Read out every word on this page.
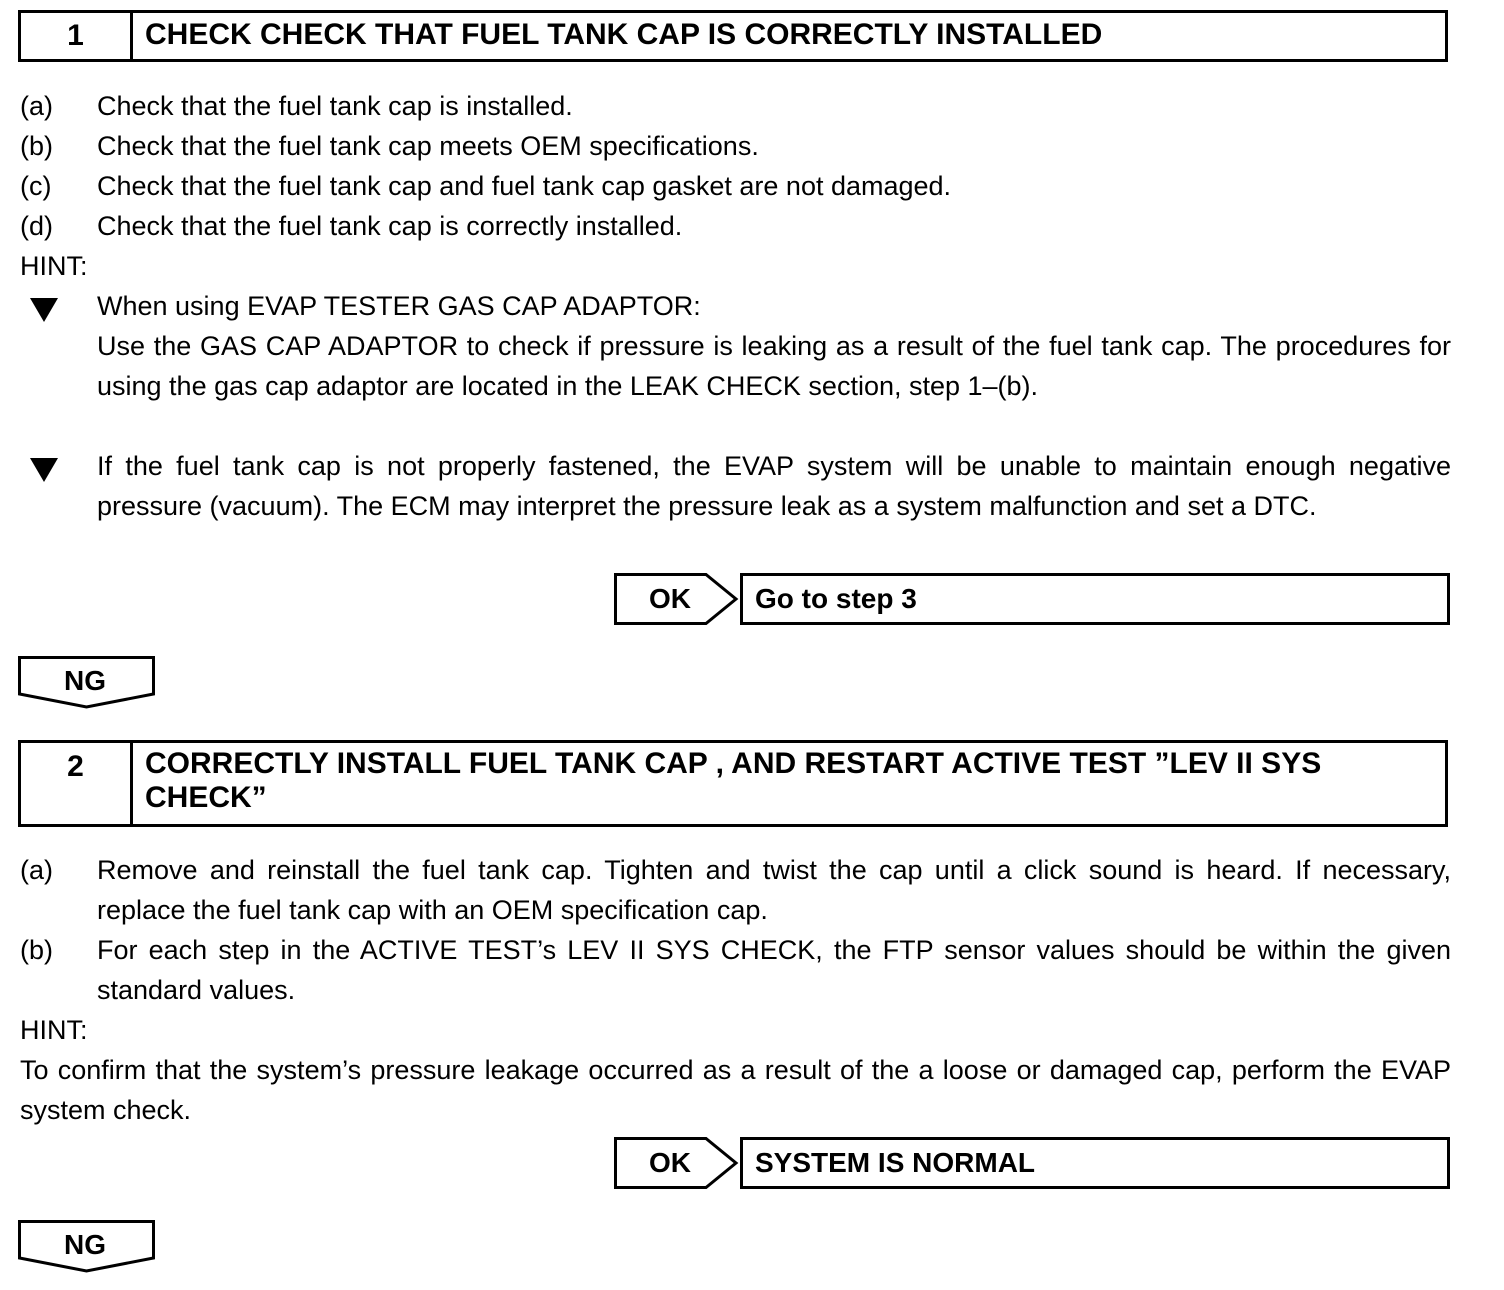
1	CHECK CHECK THAT FUEL TANK CAP IS CORRECTLY INSTALLED
(a) Check that the fuel tank cap is installed.
(b) Check that the fuel tank cap meets OEM specifications.
(c) Check that the fuel tank cap and fuel tank cap gasket are not damaged.
(d) Check that the fuel tank cap is correctly installed.
HINT:
When using EVAP TESTER GAS CAP ADAPTOR:
Use the GAS CAP ADAPTOR to check if pressure is leaking as a result of the fuel tank cap. The procedures for using the gas cap adaptor are located in the LEAK CHECK section, step 1–(b).
If the fuel tank cap is not properly fastened, the EVAP system will be unable to maintain enough negative pressure (vacuum). The ECM may interpret the pressure leak as a system malfunction and set a DTC.
OK	Go to step 3
NG
2	CORRECTLY INSTALL FUEL TANK CAP , AND RESTART ACTIVE TEST ”LEV II SYS CHECK”
(a) Remove and reinstall the fuel tank cap. Tighten and twist the cap until a click sound is heard. If necessary, replace the fuel tank cap with an OEM specification cap.
(b) For each step in the ACTIVE TEST’s LEV II SYS CHECK, the FTP sensor values should be within the given standard values.
HINT:
To confirm that the system’s pressure leakage occurred as a result of the a loose or damaged cap, perform the EVAP system check.
OK	SYSTEM IS NORMAL
NG
